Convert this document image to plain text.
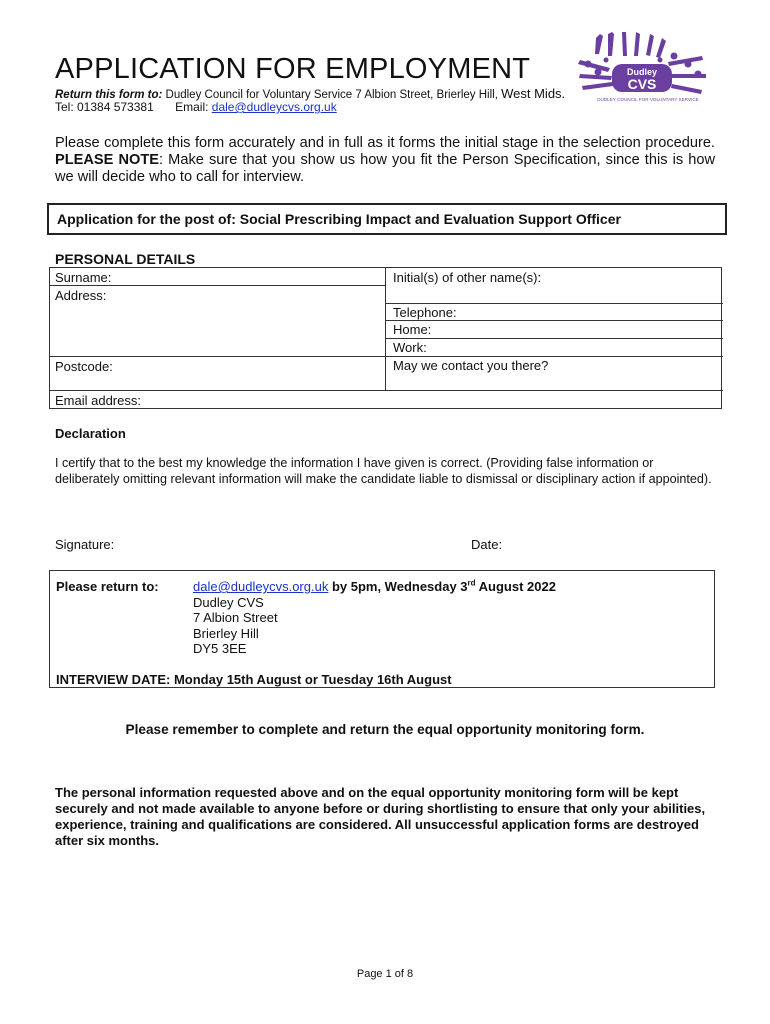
APPLICATION FOR EMPLOYMENT
Return this form to: Dudley Council for Voluntary Service 7 Albion Street, Brierley Hill, West Mids.
Tel: 01384 573381 Email: dale@dudleycvs.org.uk
Dudley
CVS
DUDLEY COUNCIL FOR VOLUNTARY SERVICE
Please complete this form accurately and in full as it forms the initial stage in the selection procedure. PLEASE NOTE: Make sure that you show us how you fit the Person Specification, since this is how we will decide who to call for interview.
Application for the post of: Social Prescribing Impact and Evaluation Support Officer
PERSONAL DETAILS
Surname:
Address:
Postcode:
Initial(s) of other name(s):
Telephone:
Home:
Work:
May we contact you there?
Email address:
Declaration
I certify that to the best my knowledge the information I have given is correct. (Providing false information or deliberately omitting relevant information will make the candidate liable to dismissal or disciplinary action if appointed).
Signature:	Date:
Please return to:	dale@dudleycvs.org.uk by 5pm, Wednesday 3rd August 2022
Dudley CVS
7 Albion Street
Brierley Hill
DY5 3EE
INTERVIEW DATE: Monday 15th August or Tuesday 16th August
Please remember to complete and return the equal opportunity monitoring form.
The personal information requested above and on the equal opportunity monitoring form will be kept securely and not made available to anyone before or during shortlisting to ensure that only your abilities, experience, training and qualifications are considered. All unsuccessful application forms are destroyed after six months.
Page 1 of 8
